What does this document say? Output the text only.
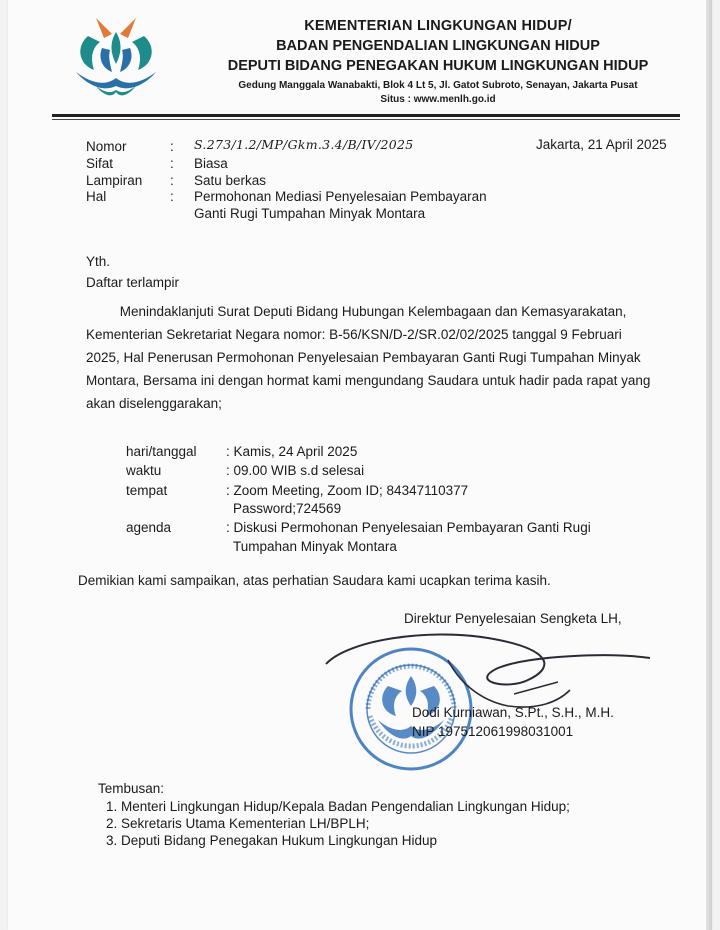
KEMENTERIAN LINGKUNGAN HIDUP/
BADAN PENGENDALIAN LINGKUNGAN HIDUP
DEPUTI BIDANG PENEGAKAN HUKUM LINGKUNGAN HIDUP
Gedung Manggala Wanabakti, Blok 4 Lt 5, Jl. Gatot Subroto, Senayan, Jakarta Pusat
Situs : www.menlh.go.id
Nomor	: S.273/1.2/MP/Gkm.3.4/B/IV/2025	Jakarta, 21 April 2025
Sifat	: Biasa
Lampiran : Satu berkas
Hal	: Permohonan Mediasi Penyelesaian Pembayaran
Ganti Rugi Tumpahan Minyak Montara
Yth.
Daftar terlampir
Menindaklanjuti Surat Deputi Bidang Hubungan Kelembagaan dan Kemasyarakatan,
Kementerian Sekretariat Negara nomor: B-56/KSN/D-2/SR.02/02/2025 tanggal 9 Februari
2025, Hal Penerusan Permohonan Penyelesaian Pembayaran Ganti Rugi Tumpahan Minyak
Montara, Bersama ini dengan hormat kami mengundang Saudara untuk hadir pada rapat yang
akan diselenggarakan;
hari/tanggal : Kamis, 24 April 2025
waktu	: 09.00 WIB s.d selesai
tempat	: Zoom Meeting, Zoom ID; 84347110377
Password;724569
agenda	: Diskusi Permohonan Penyelesaian Pembayaran Ganti Rugi
Tumpahan Minyak Montara
Demikian kami sampaikan, atas perhatian Saudara kami ucapkan terima kasih.
Direktur Penyelesaian Sengketa LH,
Dodi Kurniawan, S.Pt., S.H., M.H.
NIP 197512061998031001
Tembusan:
1. Menteri Lingkungan Hidup/Kepala Badan Pengendalian Lingkungan Hidup;
2. Sekretaris Utama Kementerian LH/BPLH;
3. Deputi Bidang Penegakan Hukum Lingkungan Hidup
